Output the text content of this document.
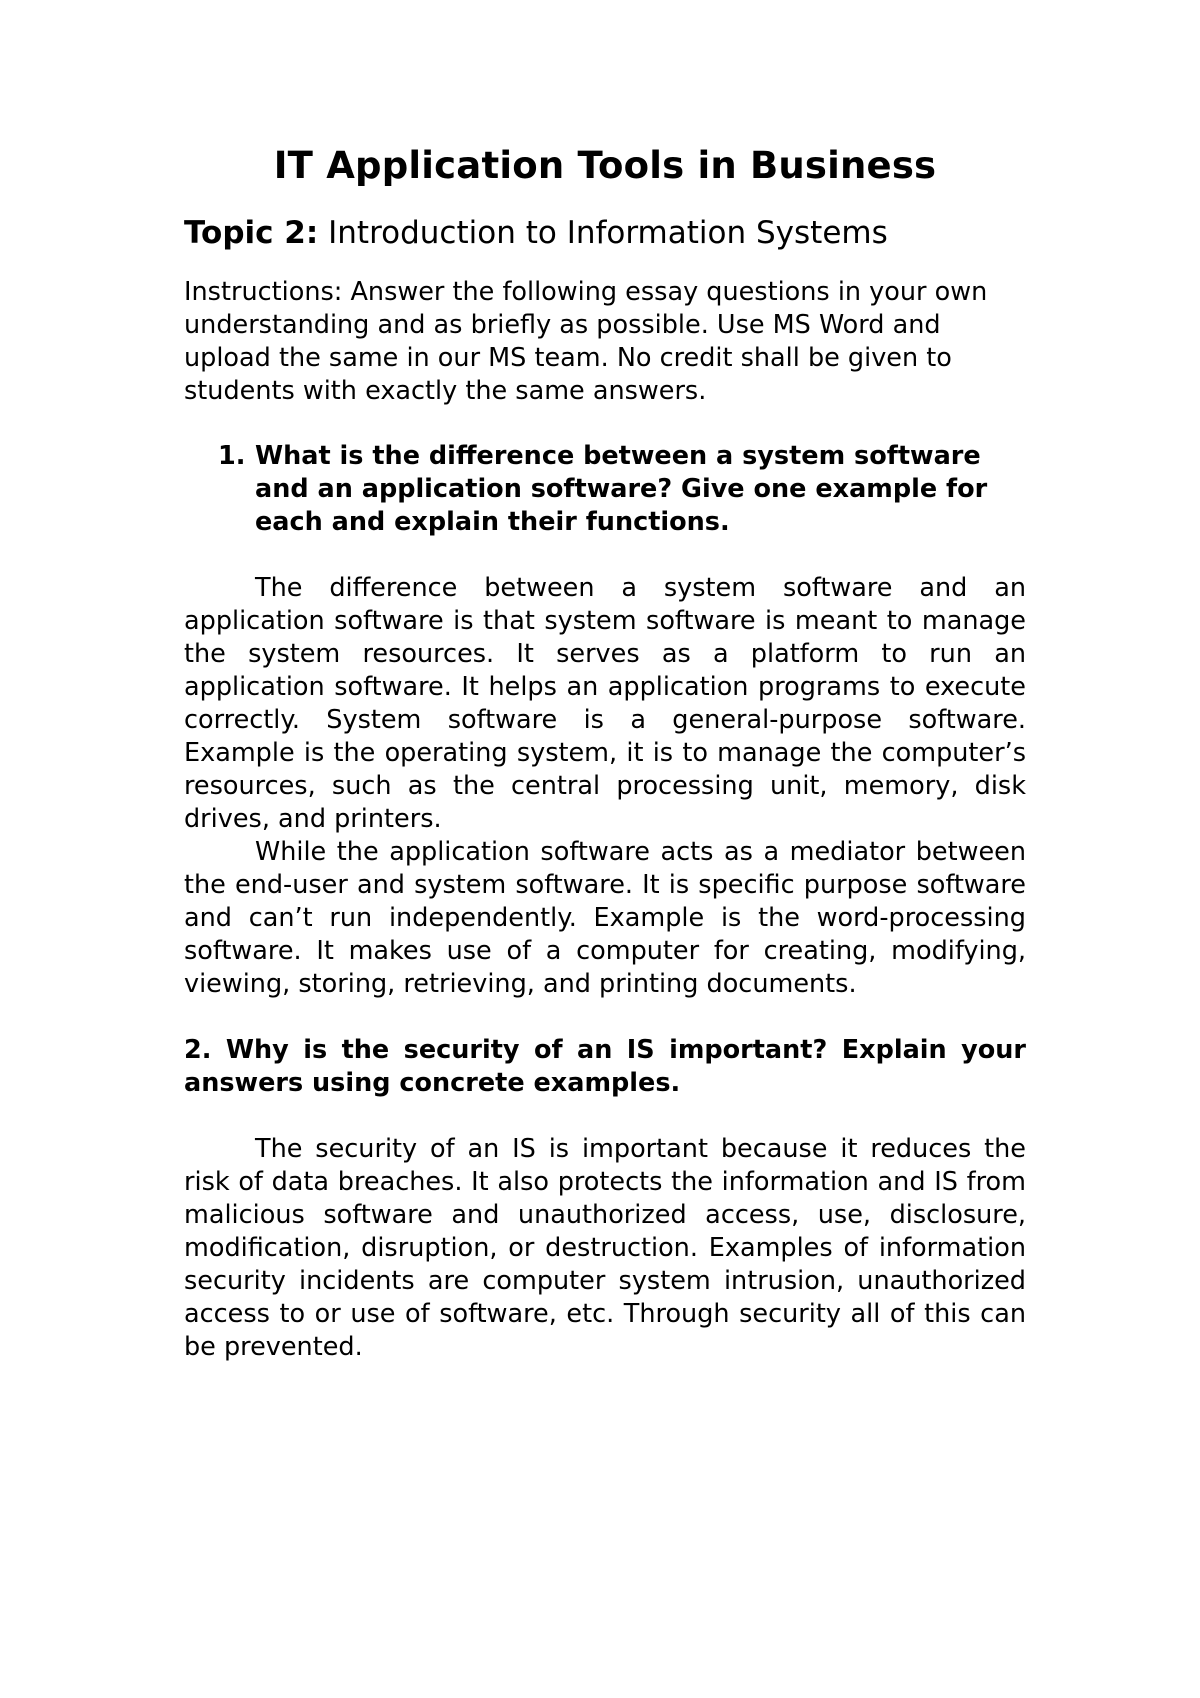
IT Application Tools in Business

Topic 2: Introduction to Information Systems

Instructions: Answer the following essay questions in your own understanding and as briefly as possible. Use MS Word and upload the same in our MS team. No credit shall be given to students with exactly the same answers.

1. What is the difference between a system software and an application software? Give one example for each and explain their functions.

The difference between a system software and an application software is that system software is meant to manage the system resources. It serves as a platform to run an application software. It helps an application programs to execute correctly. System software is a general-purpose software. Example is the operating system, it is to manage the computer’s resources, such as the central processing unit, memory, disk drives, and printers.

While the application software acts as a mediator between the end-user and system software. It is specific purpose software and can’t run independently. Example is the word-processing software. It makes use of a computer for creating, modifying, viewing, storing, retrieving, and printing documents.

2. Why is the security of an IS important? Explain your answers using concrete examples.

The security of an IS is important because it reduces the risk of data breaches. It also protects the information and IS from malicious software and unauthorized access, use, disclosure, modification, disruption, or destruction. Examples of information security incidents are computer system intrusion, unauthorized access to or use of software, etc. Through security all of this can be prevented.
